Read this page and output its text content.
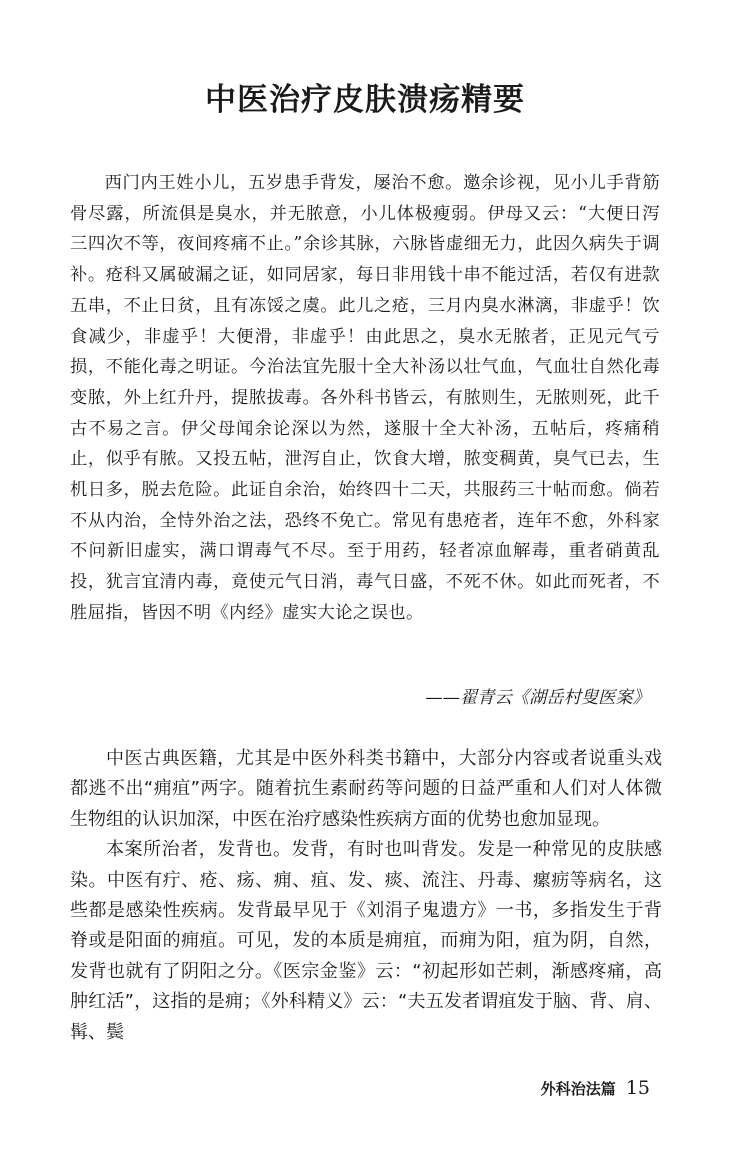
中医治疗皮肤溃疡精要

西门内王姓小儿，五岁患手背发，屡治不愈。邀余诊视，见小儿手背筋骨尽露，所流俱是臭水，并无脓意，小儿体极瘦弱。伊母又云：“大便日泻三四次不等，夜间疼痛不止。”余诊其脉，六脉皆虚细无力，此因久病失于调补。疮科又属破漏之证，如同居家，每日非用钱十串不能过活，若仅有进款五串，不止日贫，且有冻馁之虞。此儿之疮，三月内臭水淋漓，非虚乎！饮食减少，非虚乎！大便滑，非虚乎！由此思之，臭水无脓者，正见元气亏损，不能化毒之明证。今治法宜先服十全大补汤以壮气血，气血壮自然化毒变脓，外上红升丹，提脓拔毒。各外科书皆云，有脓则生，无脓则死，此千古不易之言。伊父母闻余论深以为然，遂服十全大补汤，五帖后，疼痛稍止，似乎有脓。又投五帖，泄泻自止，饮食大增，脓变稠黄，臭气已去，生机日多，脱去危险。此证自余治，始终四十二天，共服药三十帖而愈。倘若不从内治，全恃外治之法，恐终不免亡。常见有患疮者，连年不愈，外科家不问新旧虚实，满口谓毒气不尽。至于用药，轻者凉血解毒，重者硝黄乱投，犹言宜清内毒，竟使元气日消，毒气日盛，不死不休。如此而死者，不胜屈指，皆因不明《内经》虚实大论之误也。

——翟青云《湖岳村叟医案》

中医古典医籍，尤其是中医外科类书籍中，大部分内容或者说重头戏都逃不出“痈疽”两字。随着抗生素耐药等问题的日益严重和人们对人体微生物组的认识加深，中医在治疗感染性疾病方面的优势也愈加显现。

本案所治者，发背也。发背，有时也叫背发。发是一种常见的皮肤感染。中医有疔、疮、疡、痈、疽、发、痰、流注、丹毒、瘰疬等病名，这些都是感染性疾病。发背最早见于《刘涓子鬼遗方》一书，多指发生于背脊或是阳面的痈疽。可见，发的本质是痈疽，而痈为阳，疽为阴，自然，发背也就有了阴阳之分。《医宗金鉴》云：“初起形如芒刺，渐感疼痛，高肿红活”，这指的是痈；《外科精义》云：“夫五发者谓疽发于脑、背、肩、髯、鬓

外科治法篇 15
